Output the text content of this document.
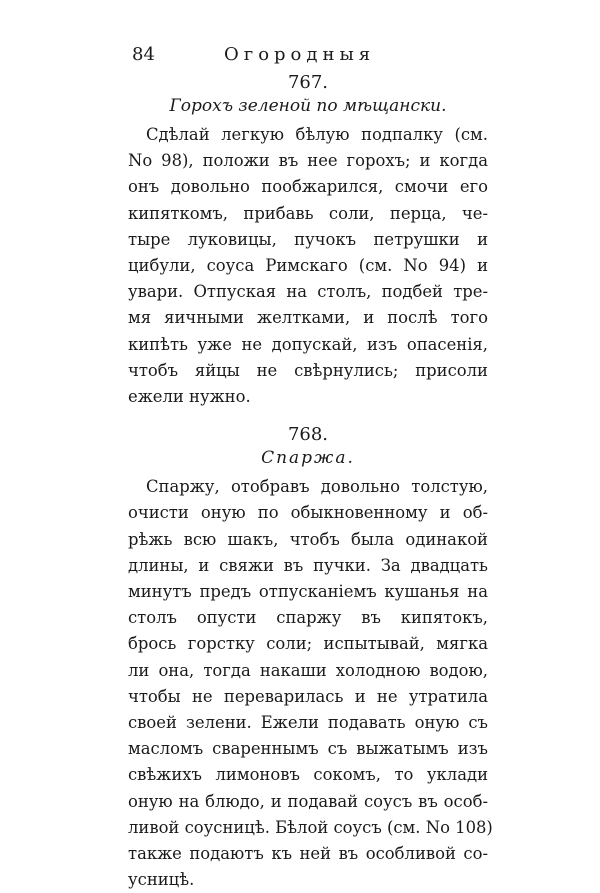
84	Огородныя
767.
Горохъ зеленой по мѣщански.
Сдѣлай легкую бѣлую подпалку (см.
No 98), положи въ нее горохъ; и когда
онъ довольно пообжарился, смочи его
кипяткомъ, прибавь соли, перца, че-
тыре луковицы, пучокъ петрушки и
цибули, соуса Римскаго (см. No 94) и
увари. Отпуская на столъ, подбей тре-
мя яичными желтками, и послѣ того
кипѣть уже не допускай, изъ опасенія,
чтобъ яйцы не свѣрнулись; присоли
ежели нужно.
768.
Спаржа.
Спаржу, отобравъ довольно толстую,
очисти оную по обыкновенному и об-
рѣжь всю шакъ, чтобъ была одинакой
длины, и свяжи въ пучки. За двадцать
минутъ предъ отпусканіемъ кушанья на
столъ опусти спаржу въ кипятокъ,
брось горстку соли; испытывай, мягка
ли она, тогда накаши холодною водою,
чтобы не переварилась и не утратила
своей зелени. Ежели подавать оную съ
масломъ свареннымъ съ выжатымъ изъ
свѣжихъ лимоновъ сокомъ, то уклади
оную на блюдо, и подавай соусъ въ особ-
ливой соусницѣ. Бѣлой соусъ (см. No 108)
также подаютъ къ ней въ особливой со-
усницѣ.
